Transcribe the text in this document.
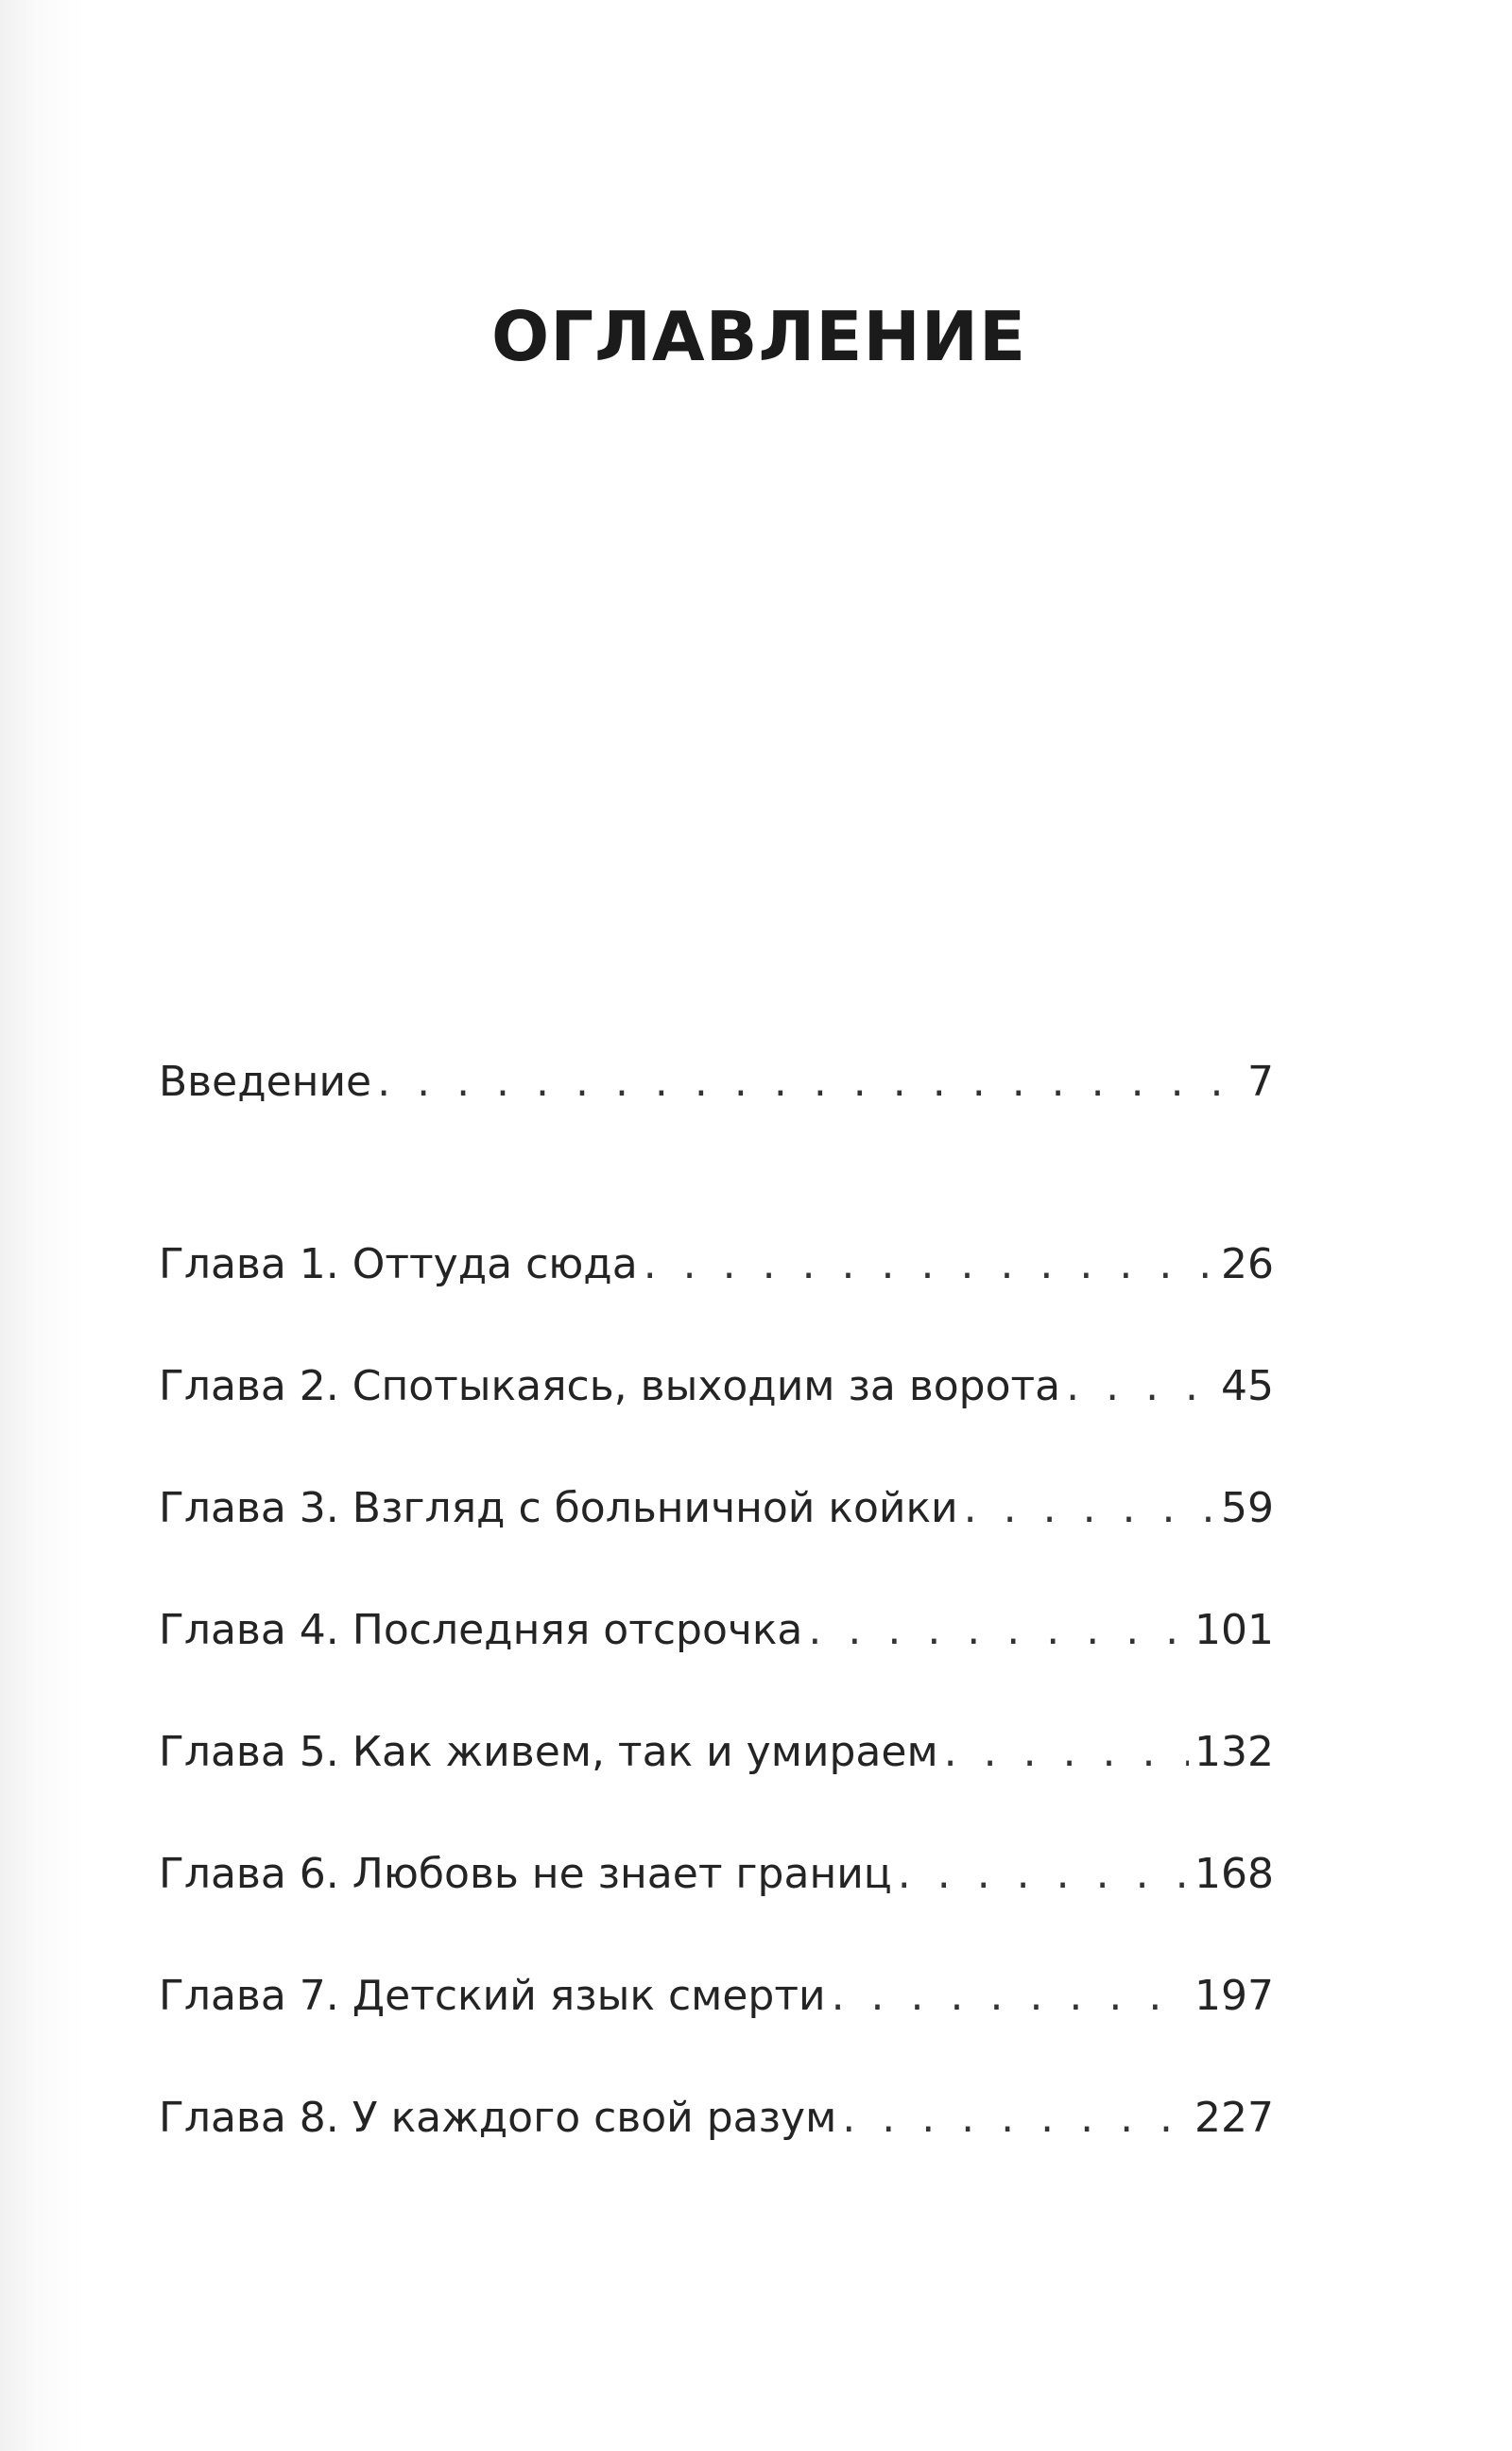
ОГЛАВЛЕНИЕ
Введение . . .	7
Глава 1. Оттуда сюда . . .	26
Глава 2. Спотыкаясь, выходим за ворота . . .	45
Глава 3. Взгляд с больничной койки . . .	59
Глава 4. Последняя отсрочка . . .	101
Глава 5. Как живем, так и умираем . . .	132
Глава 6. Любовь не знает границ . . .	168
Глава 7. Детский язык смерти . . .	197
Глава 8. У каждого свой разум . . .	227
